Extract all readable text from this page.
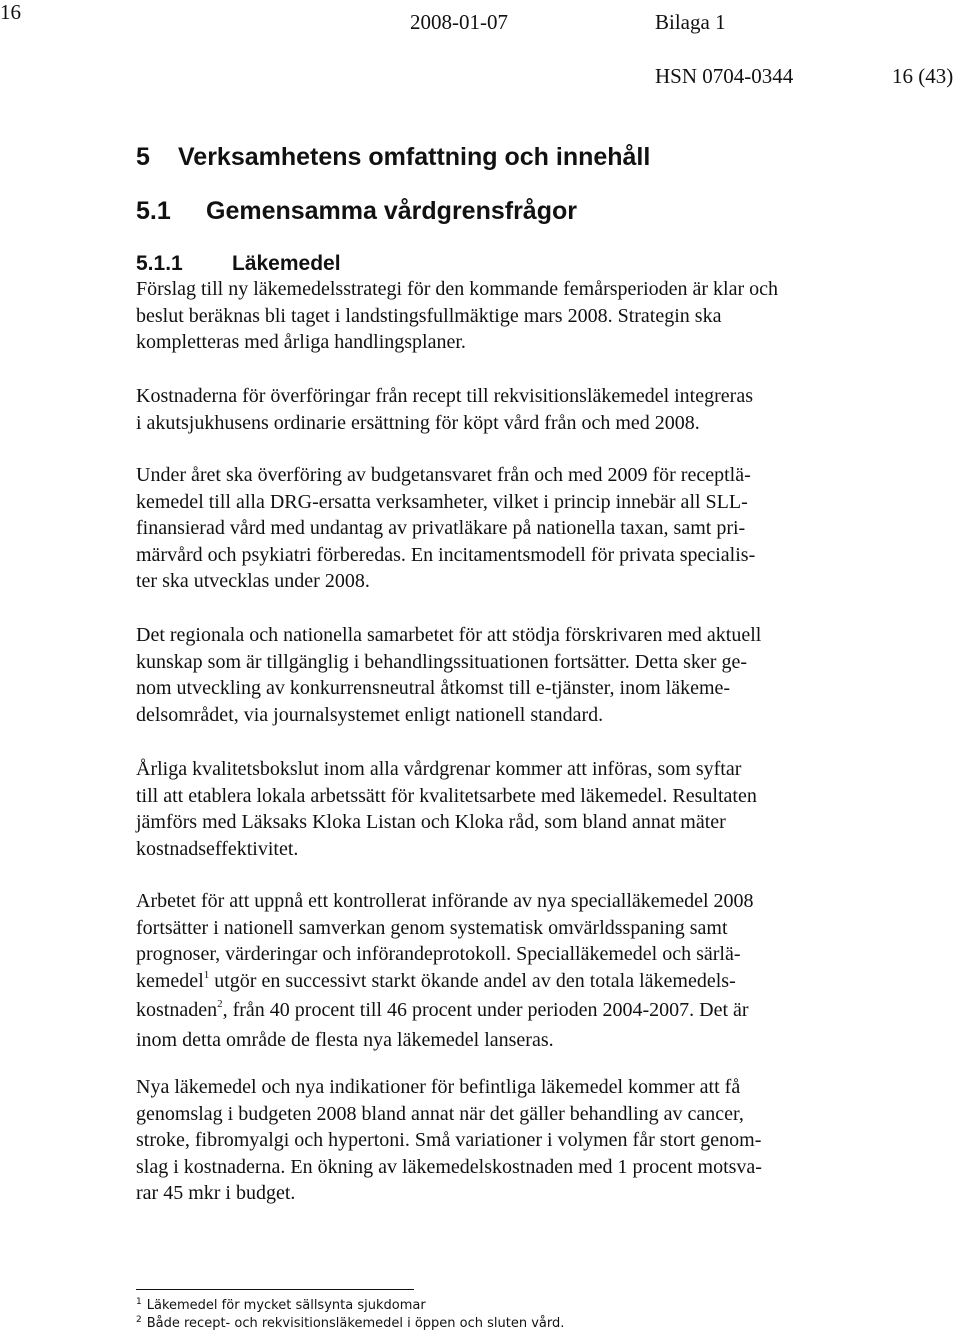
16	2008-01-07	Bilaga 1
HSN 0704-0344	16 (43)
5 Verksamhetens omfattning och innehåll
5.1 Gemensamma vårdgrensfrågor
5.1.1 Läkemedel
Förslag till ny läkemedelsstrategi för den kommande femårsperioden är klar och
beslut beräknas bli taget i landstingsfullmäktige mars 2008. Strategin ska
kompletteras med årliga handlingsplaner.
Kostnaderna för överföringar från recept till rekvisitionsläkemedel integreras
i akutsjukhusens ordinarie ersättning för köpt vård från och med 2008.
Under året ska överföring av budgetansvaret från och med 2009 för receptlä-
kemedel till alla DRG-ersatta verksamheter, vilket i princip innebär all SLL-
finansierad vård med undantag av privatläkare på nationella taxan, samt pri-
märvård och psykiatri förberedas. En incitamentsmodell för privata specialis-
ter ska utvecklas under 2008.
Det regionala och nationella samarbetet för att stödja förskrivaren med aktuell
kunskap som är tillgänglig i behandlingssituationen fortsätter. Detta sker ge-
nom utveckling av konkurrensneutral åtkomst till e-tjänster, inom läkeme-
delsområdet, via journalsystemet enligt nationell standard.
Årliga kvalitetsbokslut inom alla vårdgrenar kommer att införas, som syftar
till att etablera lokala arbetssätt för kvalitetsarbete med läkemedel. Resultaten
jämförs med Läksaks Kloka Listan och Kloka råd, som bland annat mäter
kostnadseffektivitet.
Arbetet för att uppnå ett kontrollerat införande av nya specialläkemedel 2008
fortsätter i nationell samverkan genom systematisk omvärldsspaning samt
prognoser, värderingar och införandeprotokoll. Specialläkemedel och särlä-
kemedel$^1$ utgör en successivt starkt ökande andel av den totala läkemedels-
kostnaden$^2$, från 40 procent till 46 procent under perioden 2004-2007. Det är
inom detta område de flesta nya läkemedel lanseras.
Nya läkemedel och nya indikationer för befintliga läkemedel kommer att få
genomslag i budgeten 2008 bland annat när det gäller behandling av cancer,
stroke, fibromyalgi och hypertoni. Små variationer i volymen får stort genom-
slag i kostnaderna. En ökning av läkemedelskostnaden med 1 procent motsva-
rar 45 mkr i budget.
$^1$ Läkemedel för mycket sällsynta sjukdomar
$^2$ Både recept- och rekvisitionsläkemedel i öppen och sluten vård.
